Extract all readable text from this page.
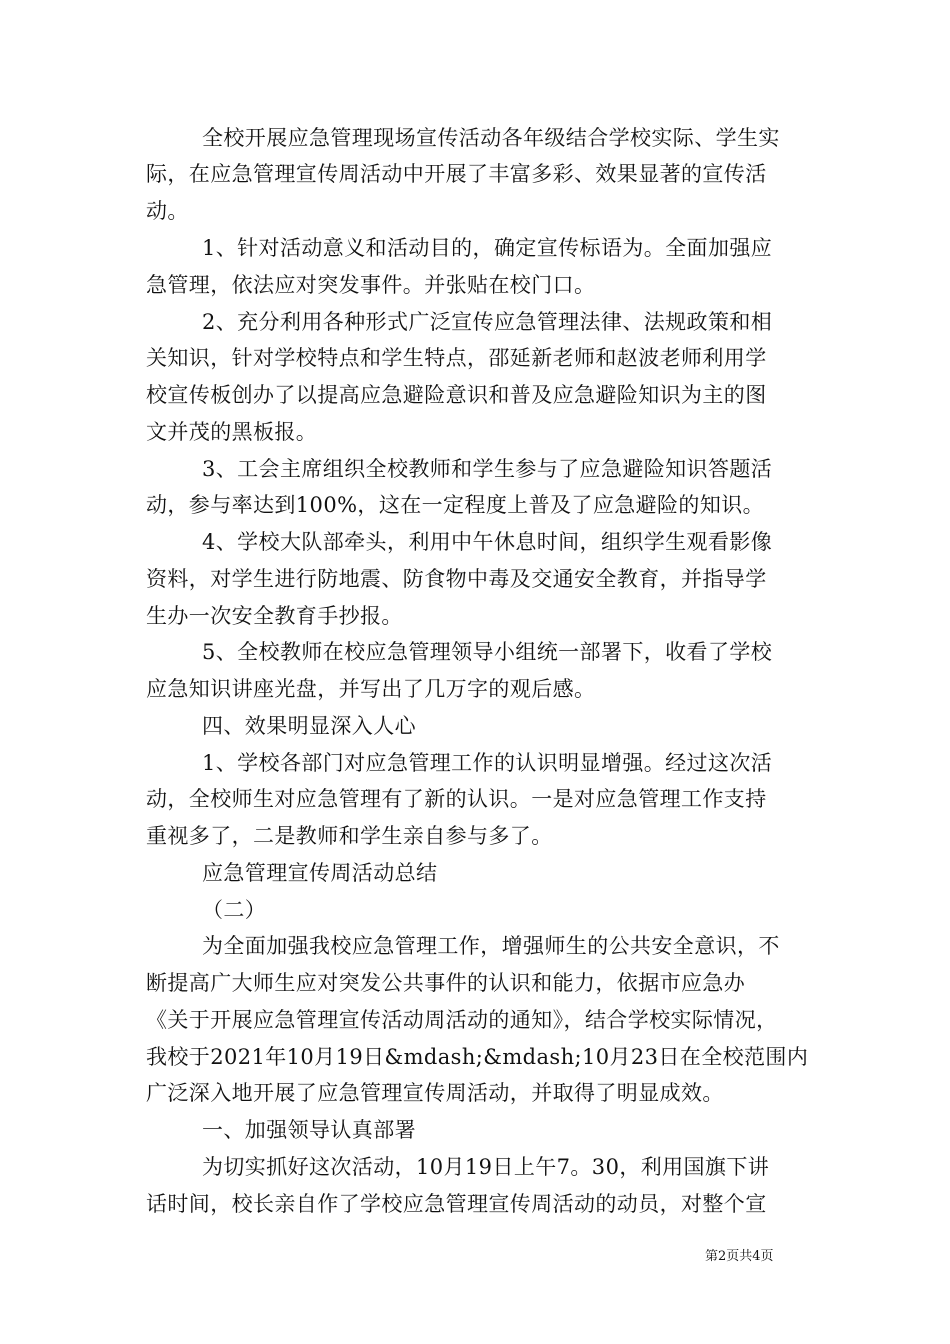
全校开展应急管理现场宣传活动各年级结合学校实际、学生实
际，在应急管理宣传周活动中开展了丰富多彩、效果显著的宣传活
动。
1、针对活动意义和活动目的，确定宣传标语为。全面加强应
急管理，依法应对突发事件。并张贴在校门口。
2、充分利用各种形式广泛宣传应急管理法律、法规政策和相
关知识，针对学校特点和学生特点，邵延新老师和赵波老师利用学
校宣传板创办了以提高应急避险意识和普及应急避险知识为主的图
文并茂的黑板报。
3、工会主席组织全校教师和学生参与了应急避险知识答题活
动，参与率达到100%，这在一定程度上普及了应急避险的知识。
4、学校大队部牵头，利用中午休息时间，组织学生观看影像
资料，对学生进行防地震、防食物中毒及交通安全教育，并指导学
生办一次安全教育手抄报。
5、全校教师在校应急管理领导小组统一部署下，收看了学校
应急知识讲座光盘，并写出了几万字的观后感。
四、效果明显深入人心
1、学校各部门对应急管理工作的认识明显增强。经过这次活
动，全校师生对应急管理有了新的认识。一是对应急管理工作支持
重视多了，二是教师和学生亲自参与多了。
应急管理宣传周活动总结
（二）
为全面加强我校应急管理工作，增强师生的公共安全意识，不
断提高广大师生应对突发公共事件的认识和能力，依据市应急办
《关于开展应急管理宣传活动周活动的通知》，结合学校实际情况，
我校于2021年10月19日&mdash;&mdash;10月23日在全校范围内
广泛深入地开展了应急管理宣传周活动，并取得了明显成效。
一、加强领导认真部署
为切实抓好这次活动，10月19日上午7。30，利用国旗下讲
话时间，校长亲自作了学校应急管理宣传周活动的动员，对整个宣
第2页共4页
